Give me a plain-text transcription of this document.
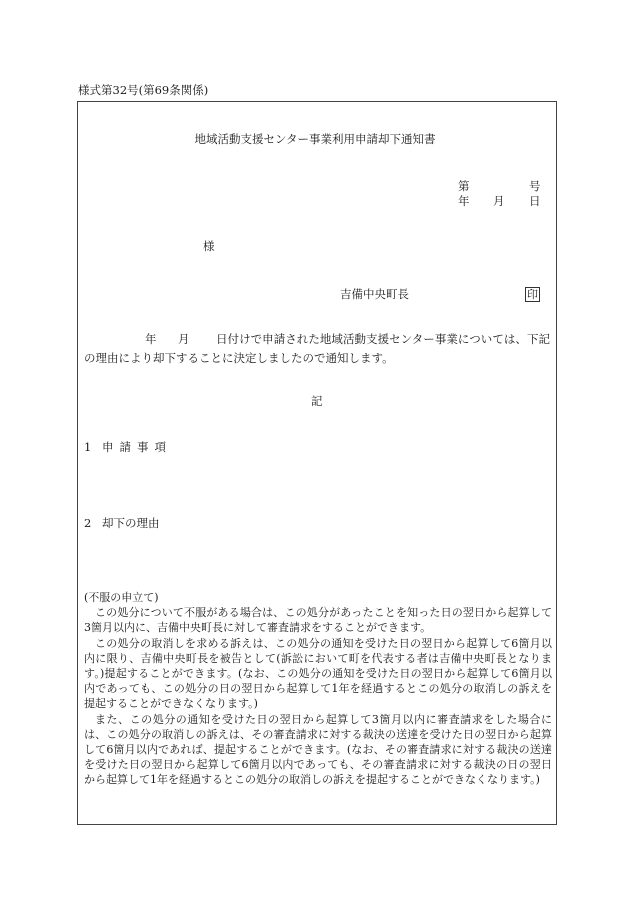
様式第32号(第69条関係)
地域活動支援センター事業利用申請却下通知書
第	号
年 月 日
様
吉備中央町長	印
年 月	日付けで申請された地域活動支援センター事業については、下記の理由により却下することに決定しましたので通知します。
記
1 申請事項
2 却下の理由

(不服の申立て)

この処分について不服がある場合は、この処分があったことを知った日の翌日から起算して3箇月以内に、吉備中央町長に対して審査請求をすることができます。

この処分の取消しを求める訴えは、この処分の通知を受けた日の翌日から起算して6箇月以内に限り、吉備中央町長を被告として(訴訟において町を代表する者は吉備中央町長となります。)提起することができます。(なお、この処分の通知を受けた日の翌日から起算して6箇月以内であっても、この処分の日の翌日から起算して1年を経過するとこの処分の取消しの訴えを提起することができなくなります。)

また、この処分の通知を受けた日の翌日から起算して3箇月以内に審査請求をした場合には、この処分の取消しの訴えは、その審査請求に対する裁決の送達を受けた日の翌日から起算して6箇月以内であれば、提起することができます。(なお、その審査請求に対する裁決の送達を受けた日の翌日から起算して6箇月以内であっても、その審査請求に対する裁決の日の翌日から起算して1年を経過するとこの処分の取消しの訴えを提起することができなくなります。)
